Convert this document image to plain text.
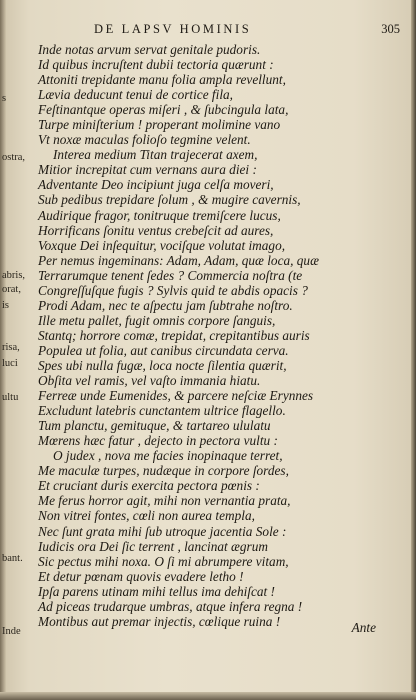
s
ostra,
abris,
orat,
is
risa,
luci
ultu
bant.
Inde
DE LAPSV HOMINIS	305
Inde notas arvum servat genitale pudoris.
Id quibus incruſtent dubii tectoria quærunt :
Attoniti trepidante manu folia ampla revellunt,
Lævia deducunt tenui de cortice fila,
Feſtinantque operas miſeri , & ſubcingula lata,
Turpe miniſterium ! properant molimine vano
Vt noxæ maculas folioſo tegmine velent.
Interea medium Titan trajecerat axem,
Mitior increpitat cum vernans aura diei :
Adventante Deo incipiunt juga celſa moveri,
Sub pedibus trepidare ſolum , & mugire cavernis,
Audirique fragor, tonitruque tremiſcere lucus,
Horrificans ſonitu ventus crebeſcit ad aures,
Voxque Dei inſequitur, vociſque volutat imago,
Per nemus ingeminans: Adam, Adam, quæ loca, quæ
Terrarumque tenent ſedes ? Commercia noſtra (te
Congreſſuſque fugis ? Sylvis quid te abdis opacis ?
Prodi Adam, nec te aſpectu jam ſubtrahe noſtro.
Ille metu pallet, fugit omnis corpore ſanguis,
Stantq; horrore comæ, trepidat, crepitantibus auris
Populea ut folia, aut canibus circundata cerva.
Spes ubi nulla fugæ, loca nocte ſilentia quærit,
Obſita vel ramis, vel vaſto immania hiatu.
Ferreæ unde Eumenides, & parcere neſciæ Erynnes
Excludunt latebris cunctantem ultrice flagello.
Tum planctu, gemituque, & tartareo ululatu
Mœrens hæc fatur , dejecto in pectora vultu :
O judex , nova me facies inopinaque terret,
Me maculæ turpes, nudæque in corpore ſordes,
Et cruciant duris exercita pectora pœnis :
Me ferus horror agit, mihi non vernantia prata,
Non vitrei fontes, cœli non aurea templa,
Nec ſunt grata mihi ſub utroque jacentia Sole :
Iudicis ora Dei ſic terrent , lancinat ægrum
Sic pectus mihi noxa. O ſi mi abrumpere vitam,
Et detur pœnam quovis evadere letho !
Ipſa parens utinam mihi tellus ima dehiſcat !
Ad piceas trudarque umbras, atque infera regna !
Montibus aut premar injectis, cœlique ruina !	Ante
